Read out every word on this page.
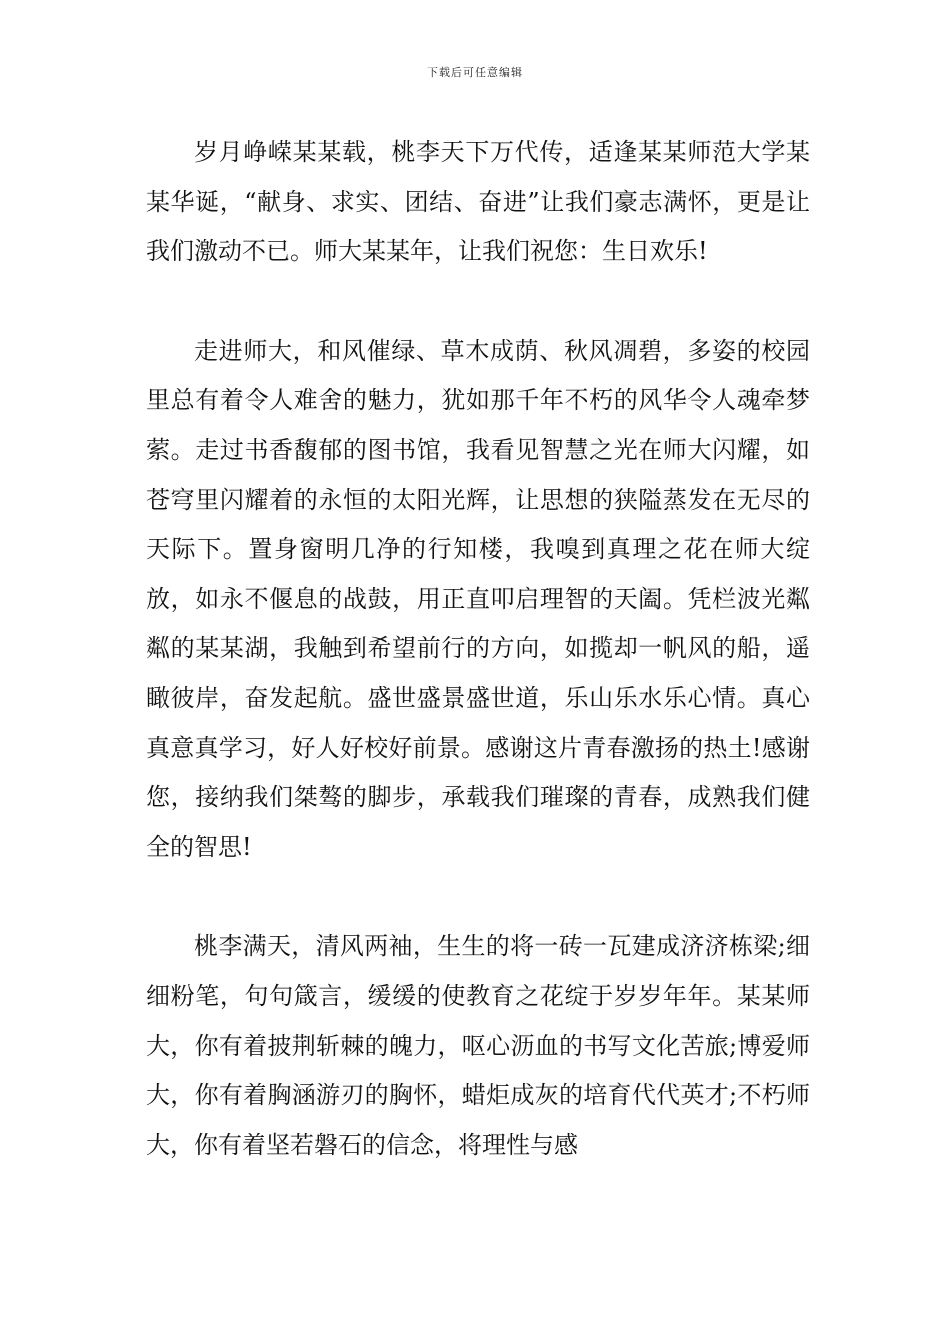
下载后可任意编辑

岁月峥嵘某某载，桃李天下万代传，适逢某某师范大学某某华诞，“献身、求实、团结、奋进”让我们豪志满怀，更是让我们激动不已。师大某某年，让我们祝您：生日欢乐!

走进师大，和风催绿、草木成荫、秋风凋碧，多姿的校园里总有着令人难舍的魅力，犹如那千年不朽的风华令人魂牵梦萦。走过书香馥郁的图书馆，我看见智慧之光在师大闪耀，如苍穹里闪耀着的永恒的太阳光辉，让思想的狭隘蒸发在无尽的天际下。置身窗明几净的行知楼，我嗅到真理之花在师大绽放，如永不偃息的战鼓，用正直叩启理智的天阖。凭栏波光粼粼的某某湖，我触到希望前行的方向，如揽却一帆风的船，遥瞰彼岸，奋发起航。盛世盛景盛世道，乐山乐水乐心情。真心真意真学习，好人好校好前景。感谢这片青春激扬的热土!感谢您，接纳我们桀骜的脚步，承载我们璀璨的青春，成熟我们健全的智思!

桃李满天，清风两袖，生生的将一砖一瓦建成济济栋梁;细细粉笔，句句箴言，缓缓的使教育之花绽于岁岁年年。某某师大，你有着披荆斩棘的魄力，呕心沥血的书写文化苦旅;博爱师大，你有着胸涵游刃的胸怀，蜡炬成灰的培育代代英才;不朽师大，你有着坚若磐石的信念，将理性与感
